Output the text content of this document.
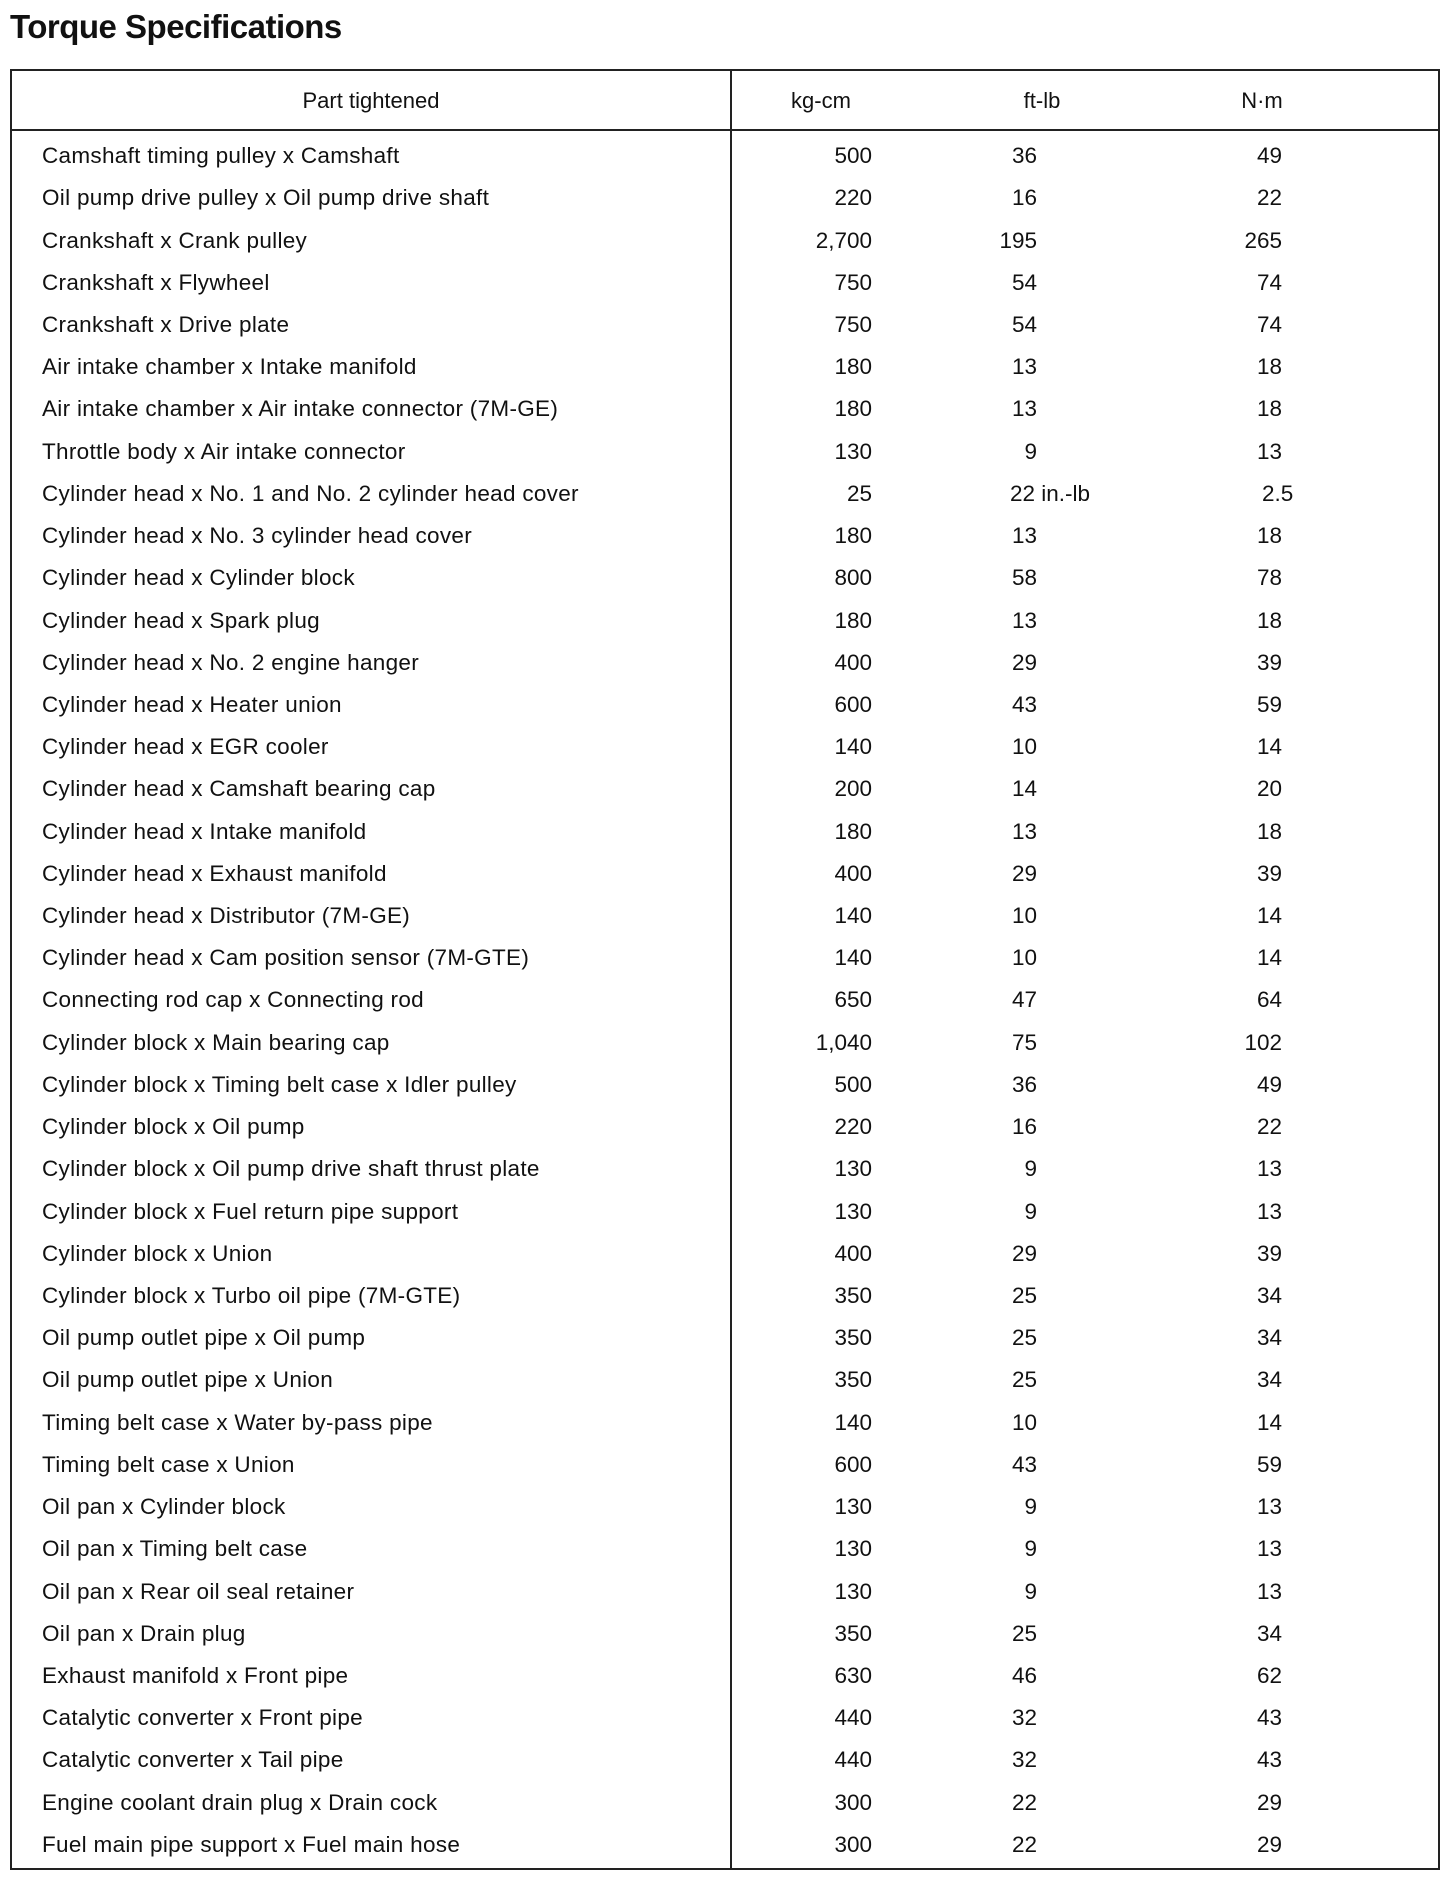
Torque Specifications
Part tightened	kg-cm	ft-lb	N·m
Camshaft timing pulley x Camshaft	500	36	49
Oil pump drive pulley x Oil pump drive shaft	220	16	22
Crankshaft x Crank pulley	2,700	195	265
Crankshaft x Flywheel	750	54	74
Crankshaft x Drive plate	750	54	74
Air intake chamber x Intake manifold	180	13	18
Air intake chamber x Air intake connector (7M-GE)	180	13	18
Throttle body x Air intake connector	130	9	13
Cylinder head x No. 1 and No. 2 cylinder head cover	25	22 in.-lb	2.5
Cylinder head x No. 3 cylinder head cover	180	13	18
Cylinder head x Cylinder block	800	58	78
Cylinder head x Spark plug	180	13	18
Cylinder head x No. 2 engine hanger	400	29	39
Cylinder head x Heater union	600	43	59
Cylinder head x EGR cooler	140	10	14
Cylinder head x Camshaft bearing cap	200	14	20
Cylinder head x Intake manifold	180	13	18
Cylinder head x Exhaust manifold	400	29	39
Cylinder head x Distributor (7M-GE)	140	10	14
Cylinder head x Cam position sensor (7M-GTE)	140	10	14
Connecting rod cap x Connecting rod	650	47	64
Cylinder block x Main bearing cap	1,040	75	102
Cylinder block x Timing belt case x Idler pulley	500	36	49
Cylinder block x Oil pump	220	16	22
Cylinder block x Oil pump drive shaft thrust plate	130	9	13
Cylinder block x Fuel return pipe support	130	9	13
Cylinder block x Union	400	29	39
Cylinder block x Turbo oil pipe (7M-GTE)	350	25	34
Oil pump outlet pipe x Oil pump	350	25	34
Oil pump outlet pipe x Union	350	25	34
Timing belt case x Water by-pass pipe	140	10	14
Timing belt case x Union	600	43	59
Oil pan x Cylinder block	130	9	13
Oil pan x Timing belt case	130	9	13
Oil pan x Rear oil seal retainer	130	9	13
Oil pan x Drain plug	350	25	34
Exhaust manifold x Front pipe	630	46	62
Catalytic converter x Front pipe	440	32	43
Catalytic converter x Tail pipe	440	32	43
Engine coolant drain plug x Drain cock	300	22	29
Fuel main pipe support x Fuel main hose	300	22	29
